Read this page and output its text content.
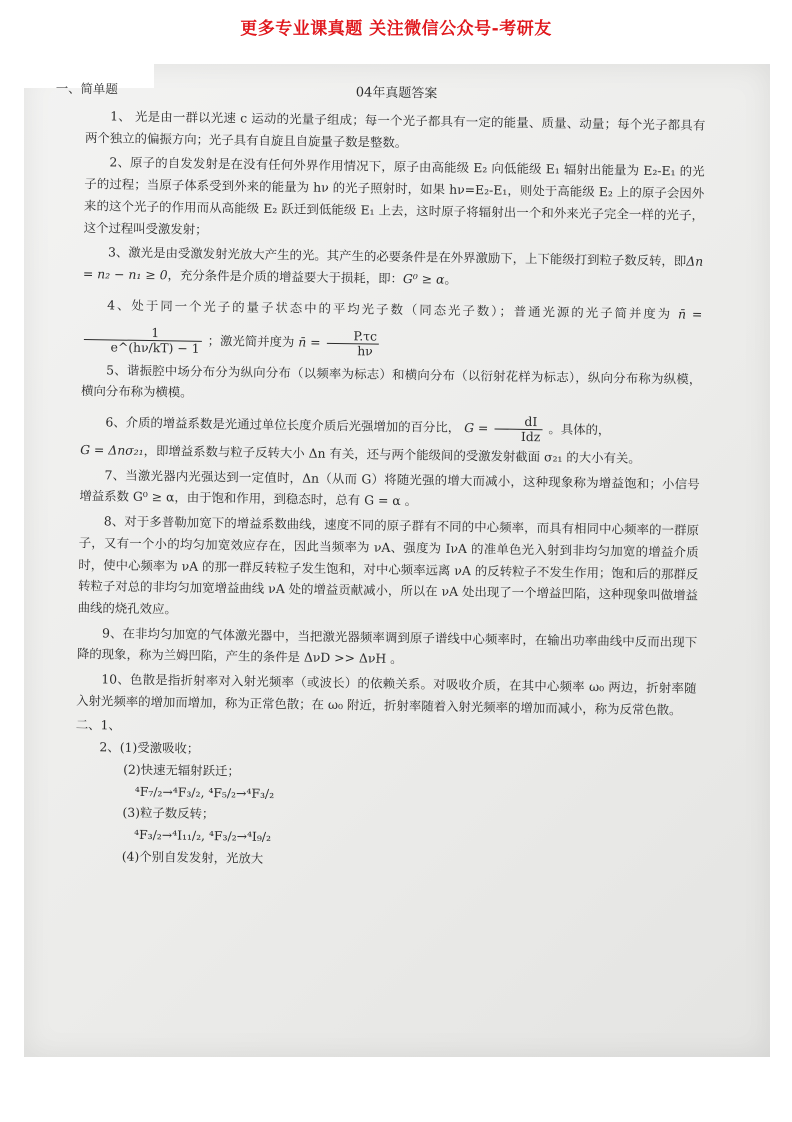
更多专业课真题 关注微信公众号-考研友
一、简单题	04年真题答案

1、 光是由一群以光速 c 运动的光量子组成；每一个光子都具有一定的能量、质量、动量；每个光子都具有两个独立的偏振方向；光子具有自旋且自旋量子数是整数。

2、原子的自发发射是在没有任何外界作用情况下，原子由高能级 E₂ 向低能级 E₁ 辐射出能量为 E₂-E₁ 的光子的过程；当原子体系受到外来的能量为 hν 的光子照射时，如果 hν=E₂-E₁，则处于高能级 E₂ 上的原子会因外来的这个光子的作用而从高能级 E₂ 跃迁到低能级 E₁ 上去，这时原子将辐射出一个和外来光子完全一样的光子，这个过程叫受激发射；

3、激光是由受激发射光放大产生的光。其产生的必要条件是在外界激励下，上下能级打到粒子数反转，即Δn = n₂ − n₁ ≥ 0，充分条件是介质的增益要大于损耗，即：G⁰ ≥ α。

4、处于同一个光子的量子状态中的平均光子数（同态光子数）；普通光源的光子简并度为 n̄ =
$\frac{1}{e\^{}(h\nu/kT) - 1}$ ；激光简并度为 n̄ = $\frac{P.\tau c}{h\nu}$

5、谐振腔中场分布分为纵向分布（以频率为标志）和横向分布（以衍射花样为标志），纵向分布称为纵模，横向分布称为横模。

6、介质的增益系数是光通过单位长度介质后光强增加的百分比， $G = \frac{dI}{\text{Idz}}$ 。具体的，

G = Δnσ₂₁，即增益系数与粒子反转大小 Δn 有关，还与两个能级间的受激发射截面 σ₂₁ 的大小有关。

7、当激光器内光强达到一定值时，Δn（从而 G）将随光强的增大而减小，这种现象称为增益饱和；小信号增益系数 G⁰ ≥ α，由于饱和作用，到稳态时，总有 G = α 。

8、对于多普勒加宽下的增益系数曲线，速度不同的原子群有不同的中心频率，而具有相同中心频率的一群原子，又有一个小的均匀加宽效应存在，因此当频率为 νA、强度为 IνA 的准单色光入射到非均匀加宽的增益介质时，使中心频率为 νA 的那一群反转粒子发生饱和，对中心频率远离 νA 的反转粒子不发生作用；饱和后的那群反转粒子对总的非均匀加宽增益曲线 νA 处的增益贡献减小，所以在 νA 处出现了一个增益凹陷，这种现象叫做增益曲线的烧孔效应。

9、在非均匀加宽的气体激光器中，当把激光器频率调到原子谱线中心频率时，在输出功率曲线中反而出现下降的现象，称为兰姆凹陷，产生的条件是 ΔνD >> ΔνH 。

10、色散是指折射率对入射光频率（或波长）的依赖关系。对吸收介质，在其中心频率 ω₀ 两边，折射率随入射光频率的增加而增加，称为正常色散；在 ω₀ 附近，折射率随着入射光频率的增加而减小，称为反常色散。

二、1、
2、(1)受激吸收；
(2)快速无辐射跃迁；
⁴F₇/₂→⁴F₃/₂, ⁴F₅/₂→⁴F₃/₂
(3)粒子数反转；
⁴F₃/₂→⁴I₁₁/₂, ⁴F₃/₂→⁴I₉/₂
(4)个别自发发射，光放大
